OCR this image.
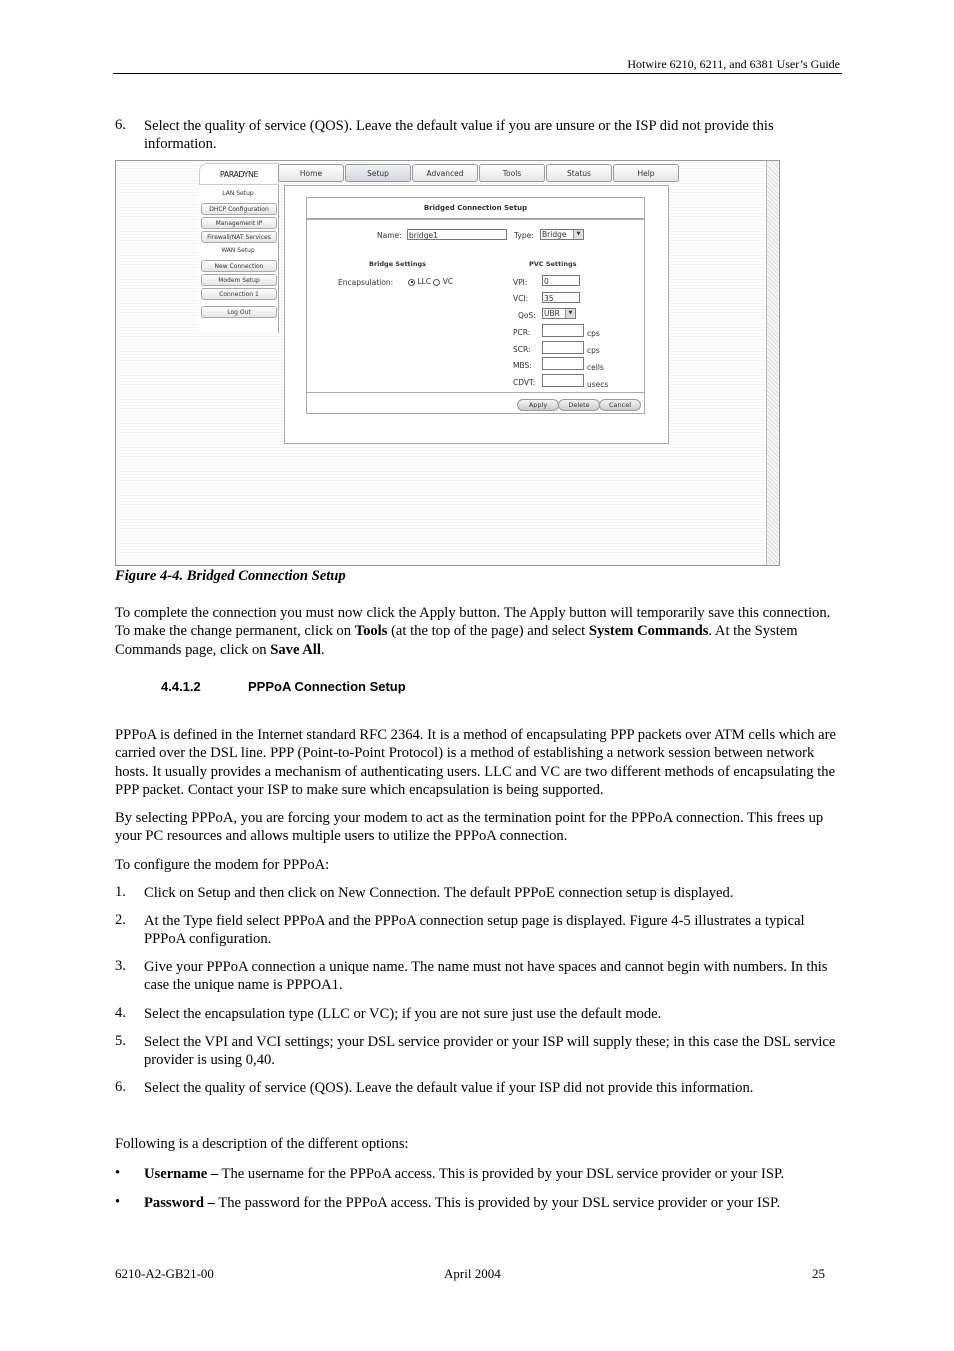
Hotwire 6210, 6211, and 6381 User’s Guide
6. Select the quality of service (QOS). Leave the default value if you are unsure or the ISP did not provide this information.

PARADYNE	Home	Setup	Advanced	Tools	Status	Help
LAN Setup
DHCP Configuration
Management IP
Firewall/NAT Services
WAN Setup
New Connection
Modem Setup
Connection 1
Log Out
Bridged Connection Setup
Name: bridge1	Type: Bridge	▼
Bridge Settings	PVC Settings
Encapsulation:	LLC VC	VPI: 0
VCI: 35
QoS: UBR	▼
PCR:	cps
SCR:	cps
MBS:	cells
CDVT:	usecs
Apply	Delete	Cancel

Figure 4-4. Bridged Connection Setup

To complete the connection you must now click the Apply button. The Apply button will temporarily save this connection. To make the change permanent, click on Tools (at the top of the page) and select System Commands. At the System Commands page, click on Save All.

4.4.1.2	PPPoA Connection Setup

PPPoA is defined in the Internet standard RFC 2364. It is a method of encapsulating PPP packets over ATM cells which are carried over the DSL line. PPP (Point-to-Point Protocol) is a method of establishing a network session between network hosts. It usually provides a mechanism of authenticating users. LLC and VC are two different methods of encapsulating the PPP packet. Contact your ISP to make sure which encapsulation is being supported.

By selecting PPPoA, you are forcing your modem to act as the termination point for the PPPoA connection. This frees up your PC resources and allows multiple users to utilize the PPPoA connection.

To configure the modem for PPPoA:

1. Click on Setup and then click on New Connection. The default PPPoE connection setup is displayed.

2. At the Type field select PPPoA and the PPPoA connection setup page is displayed. Figure 4-5 illustrates a typical PPPoA configuration.

3. Give your PPPoA connection a unique name. The name must not have spaces and cannot begin with numbers. In this case the unique name is PPPOA1.

4. Select the encapsulation type (LLC or VC); if you are not sure just use the default mode.

5. Select the VPI and VCI settings; your DSL service provider or your ISP will supply these; in this case the DSL service provider is using 0,40.

6. Select the quality of service (QOS). Leave the default value if your ISP did not provide this information.

Following is a description of the different options:

• Username – The username for the PPPoA access. This is provided by your DSL service provider or your ISP.

• Password – The password for the PPPoA access. This is provided by your DSL service provider or your ISP.

6210-A2-GB21-00	April 2004	25
